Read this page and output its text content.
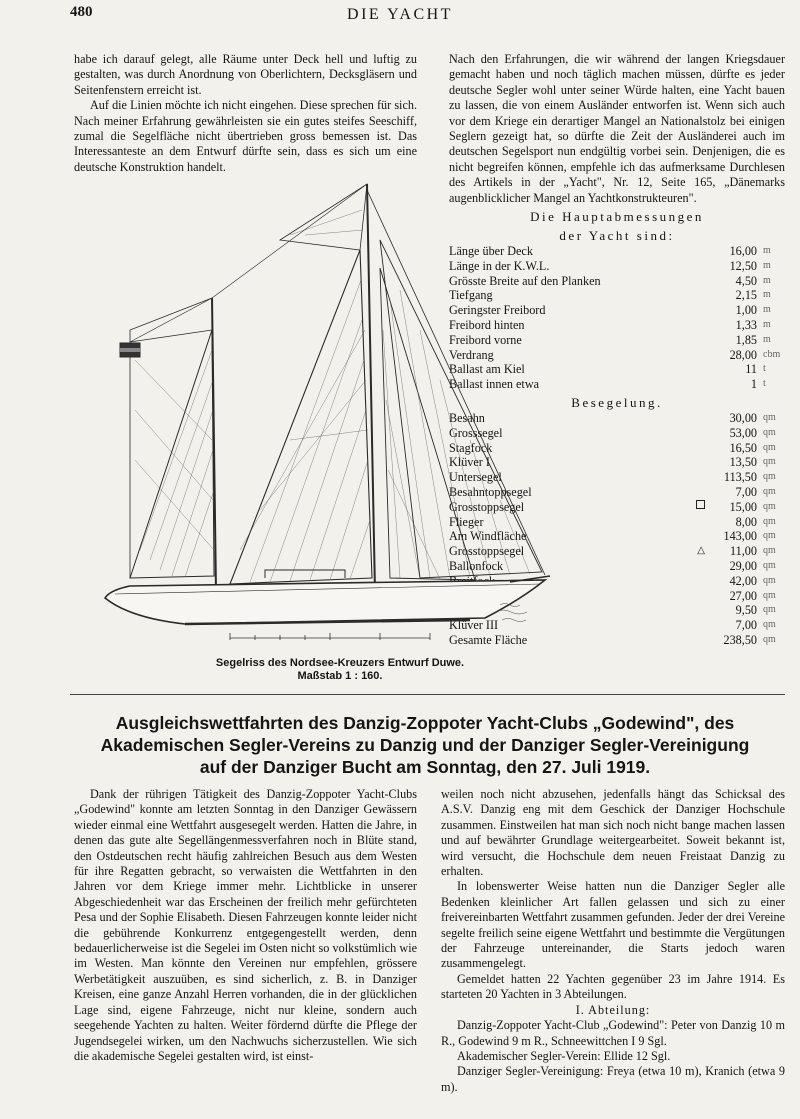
480	DIE YACHT

habe ich darauf gelegt, alle Räume unter Deck hell und luftig zu gestalten, was durch Anordnung von Oberlichtern, Decksgläsern und Seitenfenstern erreicht ist.

Auf die Linien möchte ich nicht eingehen. Diese sprechen für sich. Nach meiner Erfahrung gewährleisten sie ein gutes steifes Seeschiff, zumal die Segelfläche nicht übertrieben gross bemessen ist. Das Interessanteste an dem Entwurf dürfte sein, dass es sich um eine deutsche Konstruktion handelt.

Nach den Erfahrungen, die wir während der langen Kriegsdauer gemacht haben und noch täglich machen müssen, dürfte es jeder deutsche Segler wohl unter seiner Würde halten, eine Yacht bauen zu lassen, die von einem Ausländer entworfen ist. Wenn sich auch vor dem Kriege ein derartiger Mangel an Nationalstolz bei einigen Seglern gezeigt hat, so dürfte die Zeit der Ausländerei auch im deutschen Segelsport nun endgültig vorbei sein. Denjenigen, die es nicht begreifen können, empfehle ich das aufmerksame Durchlesen des Artikels in der „Yacht", Nr. 12, Seite 165, „Dänemarks augenblicklicher Mangel an Yachtkonstrukteuren".

Die Hauptabmessungen
der Yacht sind:
Länge über Deck	16,00 m
Länge in der K.W.L.	12,50 m
Grösste Breite auf den Planken	4,50 m
Tiefgang	2,15 m
Geringster Freibord	1,00 m
Freibord hinten	1,33 m
Freibord vorne	1,85 m
Verdrang	28,00 cbm
Ballast am Kiel	11 t
Ballast innen etwa	1 t
Besegelung.
Besahn	30,00 qm
Grosssegel	53,00 qm
Stagfock	16,50 qm
Klüver I	13,50 qm
Untersegel	113,50 qm
Besahntoppsegel	7,00 qm
Grosstoppsegel	15,00 qm
Flieger	8,00 qm
Am Windfläche	143,00 qm
Grosstoppsegel	△	11,00 qm
Ballonfock	29,00 qm
42,00 qm
27,00 qm
9,50 qm
Klüver III	7,00 qm
Gesamte Fläche	238,50 qm
Segelriss des Nordsee-Kreuzers Entwurf Duwe.
Maßstab 1 : 160.
Ausgleichswettfahrten des Danzig-Zoppoter Yacht-Clubs „Godewind", des
Akademischen Segler-Vereins zu Danzig und der Danziger Segler-Vereinigung
auf der Danziger Bucht am Sonntag, den 27. Juli 1919.

Dank der rührigen Tätigkeit des Danzig-Zoppoter Yacht-Clubs „Godewind" konnte am letzten Sonntag in den Danziger Gewässern wieder einmal eine Wettfahrt ausgesegelt werden. Hatten die Jahre, in denen das gute alte Segellängenmessverfahren noch in Blüte stand, den Ostdeutschen recht häufig zahlreichen Besuch aus dem Westen für ihre Regatten gebracht, so verwaisten die Wettfahrten in den Jahren vor dem Kriege immer mehr. Lichtblicke in unserer Abgeschiedenheit war das Erscheinen der freilich mehr gefürchteten Pesa und der Sophie Elisabeth. Diesen Fahrzeugen konnte leider nicht die gebührende Konkurrenz entgegengestellt werden, denn bedauerlicherweise ist die Segelei im Osten nicht so volkstümlich wie im Westen. Man könnte den Vereinen nur empfehlen, grössere Werbetätigkeit auszuüben, es sind sicherlich, z. B. in Danziger Kreisen, eine ganze Anzahl Herren vorhanden, die in der glücklichen Lage sind, eigene Fahrzeuge, nicht nur kleine, sondern auch seegehende Yachten zu halten. Weiter fördernd dürfte die Pflege der Jugendsegelei wirken, um den Nachwuchs sicherzustellen. Wie sich die akademische Segelei gestalten wird, ist einst-

weilen noch nicht abzusehen, jedenfalls hängt das Schicksal des A.S.V. Danzig eng mit dem Geschick der Danziger Hochschule zusammen. Einstweilen hat man sich noch nicht bange machen lassen und auf bewährter Grundlage weitergearbeitet. Soweit bekannt ist, wird versucht, die Hochschule dem neuen Freistaat Danzig zu erhalten.

In lobenswerter Weise hatten nun die Danziger Segler alle Bedenken kleinlicher Art fallen gelassen und sich zu einer freivereinbarten Wettfahrt zusammen gefunden. Jeder der drei Vereine segelte freilich seine eigene Wettfahrt und bestimmte die Vergütungen der Fahrzeuge untereinander, die Starts jedoch waren zusammengelegt.

Gemeldet hatten 22 Yachten gegenüber 23 im Jahre 1914. Es starteten 20 Yachten in 3 Abteilungen.

I. Abteilung:

Danzig-Zoppoter Yacht-Club „Godewind": Peter von Danzig 10 m R., Godewind 9 m R., Schneewittchen I 9 Sgl.

Akademischer Segler-Verein: Ellide 12 Sgl.

Danziger Segler-Vereinigung: Freya (etwa 10 m), Kranich (etwa 9 m).
